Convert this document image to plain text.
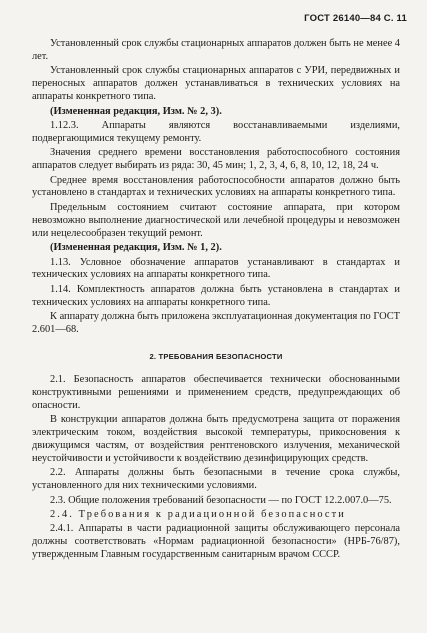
ГОСТ 26140—84 С. 11

Установленный срок службы стационарных аппаратов должен быть не менее 4 лет.

Установленный срок службы стационарных аппаратов с УРИ, передвижных и переносных аппаратов должен устанавливаться в технических условиях на аппараты конкретного типа.

(Измененная редакция, Изм. № 2, 3).

1.12.3. Аппараты являются восстанавливаемыми изделиями, подвергающимися текущему ремонту.

Значения среднего времени восстановления работоспособного состояния аппаратов следует выбирать из ряда: 30, 45 мин; 1, 2, 3, 4, 6, 8, 10, 12, 18, 24 ч.

Среднее время восстановления работоспособности аппаратов должно быть установлено в стандартах и технических условиях на аппараты конкретного типа.

Предельным состоянием считают состояние аппарата, при котором невозможно выполнение диагностической или лечебной процедуры и невозможен или нецелесообразен текущий ремонт.

(Измененная редакция, Изм. № 1, 2).

1.13. Условное обозначение аппаратов устанавливают в стандартах и технических условиях на аппараты конкретного типа.

1.14. Комплектность аппаратов должна быть установлена в стандартах и технических условиях на аппараты конкретного типа.

К аппарату должна быть приложена эксплуатационная документация по ГОСТ 2.601—68.

2. ТРЕБОВАНИЯ БЕЗОПАСНОСТИ

2.1. Безопасность аппаратов обеспечивается технически обоснованными конструктивными решениями и применением средств, предупреждающих об опасности.

В конструкции аппаратов должна быть предусмотрена защита от поражения электрическим током, воздействия высокой температуры, прикосновения к движущимся частям, от воздействия рентгеновского излучения, механической неустойчивости и устойчивости к воздействию дезинфицирующих средств.

2.2. Аппараты должны быть безопасными в течение срока службы, установленного для них техническими условиями.

2.3. Общие положения требований безопасности — по ГОСТ 12.2.007.0—75.

2.4. Требования к радиационной безопасности

2.4.1. Аппараты в части радиационной защиты обслуживающего персонала должны соответствовать «Нормам радиационной безопасности» (НРБ-76/87), утвержденным Главным государственным санитарным врачом СССР.
